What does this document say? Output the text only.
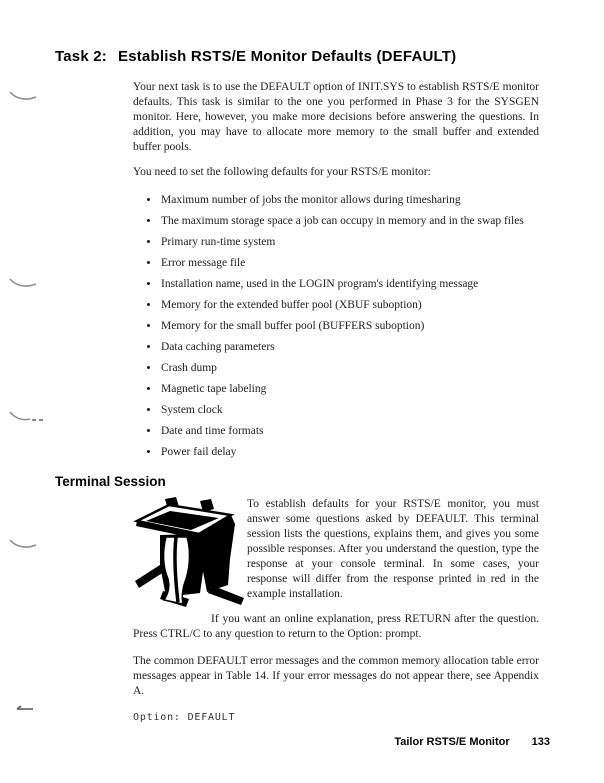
Task 2: Establish RSTS/E Monitor Defaults (DEFAULT)

Your next task is to use the DEFAULT option of INIT.SYS to establish RSTS/E monitor defaults. This task is similar to the one you performed in Phase 3 for the SYSGEN monitor. Here, however, you make more decisions before answering the questions. In addition, you may have to allocate more memory to the small buffer and extended buffer pools.

You need to set the following defaults for your RSTS/E monitor:

• Maximum number of jobs the monitor allows during timesharing
• The maximum storage space a job can occupy in memory and in the swap files
• Primary run-time system
• Error message file
• Installation name, used in the LOGIN program's identifying message
• Memory for the extended buffer pool (XBUF suboption)
• Memory for the small buffer pool (BUFFERS suboption)
• Data caching parameters
• Crash dump
• Magnetic tape labeling
• System clock
• Date and time formats
• Power fail delay
Terminal Session

To establish defaults for your RSTS/E monitor, you must answer some questions asked by DEFAULT. This terminal session lists the questions, explains them, and gives you some possible responses. After you understand the question, type the response at your console terminal. In some cases, your response will differ from the response printed in red in the example installation.

If you want an online explanation, press RETURN after the question. Press CTRL/C to any question to return to the Option: prompt.

The common DEFAULT error messages and the common memory allocation table error messages appear in Table 14. If your error messages do not appear there, see Appendix A.

Option: DEFAULT
Tailor RSTS/E Monitor 133
